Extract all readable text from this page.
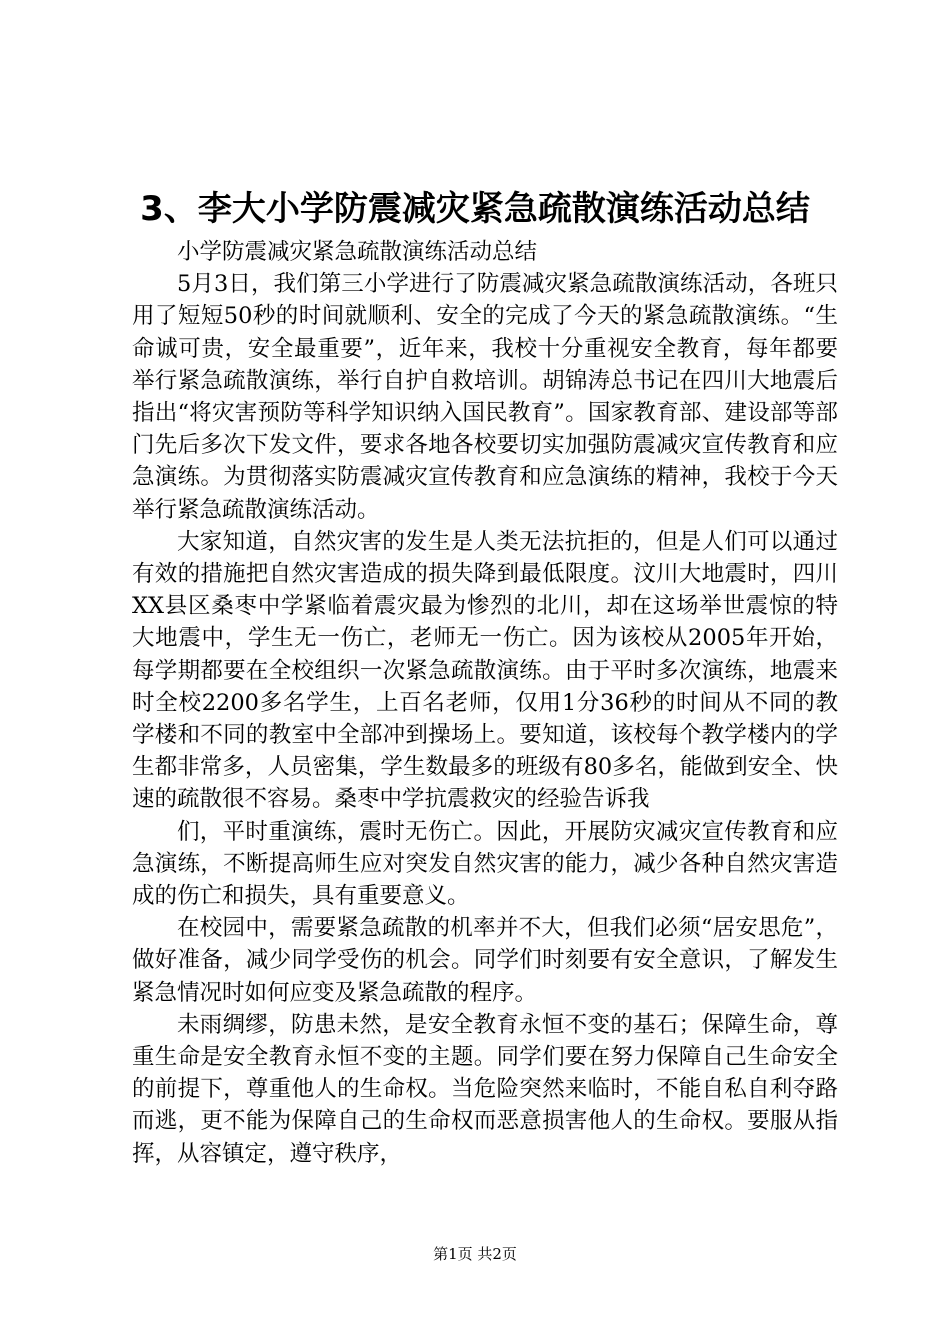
3、李大小学防震减灾紧急疏散演练活动总结

小学防震减灾紧急疏散演练活动总结

5月3日，我们第三小学进行了防震减灾紧急疏散演练活动，各班只用了短短50秒的时间就顺利、安全的完成了今天的紧急疏散演练。“生命诚可贵，安全最重要”，近年来，我校十分重视安全教育，每年都要举行紧急疏散演练，举行自护自救培训。胡锦涛总书记在四川大地震后指出“将灾害预防等科学知识纳入国民教育”。国家教育部、建设部等部门先后多次下发文件，要求各地各校要切实加强防震减灾宣传教育和应急演练。为贯彻落实防震减灾宣传教育和应急演练的精神，我校于今天举行紧急疏散演练活动。

大家知道，自然灾害的发生是人类无法抗拒的，但是人们可以通过有效的措施把自然灾害造成的损失降到最低限度。汶川大地震时，四川XX县区桑枣中学紧临着震灾最为惨烈的北川，却在这场举世震惊的特大地震中，学生无一伤亡，老师无一伤亡。因为该校从2005年开始，每学期都要在全校组织一次紧急疏散演练。由于平时多次演练，地震来时全校2200多名学生，上百名老师，仅用1分36秒的时间从不同的教学楼和不同的教室中全部冲到操场上。要知道，该校每个教学楼内的学生都非常多，人员密集，学生数最多的班级有80多名，能做到安全、快速的疏散很不容易。桑枣中学抗震救灾的经验告诉我

们，平时重演练，震时无伤亡。因此，开展防灾减灾宣传教育和应急演练，不断提高师生应对突发自然灾害的能力，减少各种自然灾害造成的伤亡和损失，具有重要意义。

在校园中，需要紧急疏散的机率并不大，但我们必须“居安思危”，做好准备，减少同学受伤的机会。同学们时刻要有安全意识，了解发生紧急情况时如何应变及紧急疏散的程序。

未雨绸缪，防患未然，是安全教育永恒不变的基石；保障生命，尊重生命是安全教育永恒不变的主题。同学们要在努力保障自己生命安全的前提下，尊重他人的生命权。当危险突然来临时，不能自私自利夺路而逃，更不能为保障自己的生命权而恶意损害他人的生命权。要服从指挥，从容镇定，遵守秩序，

第1页 共2页
